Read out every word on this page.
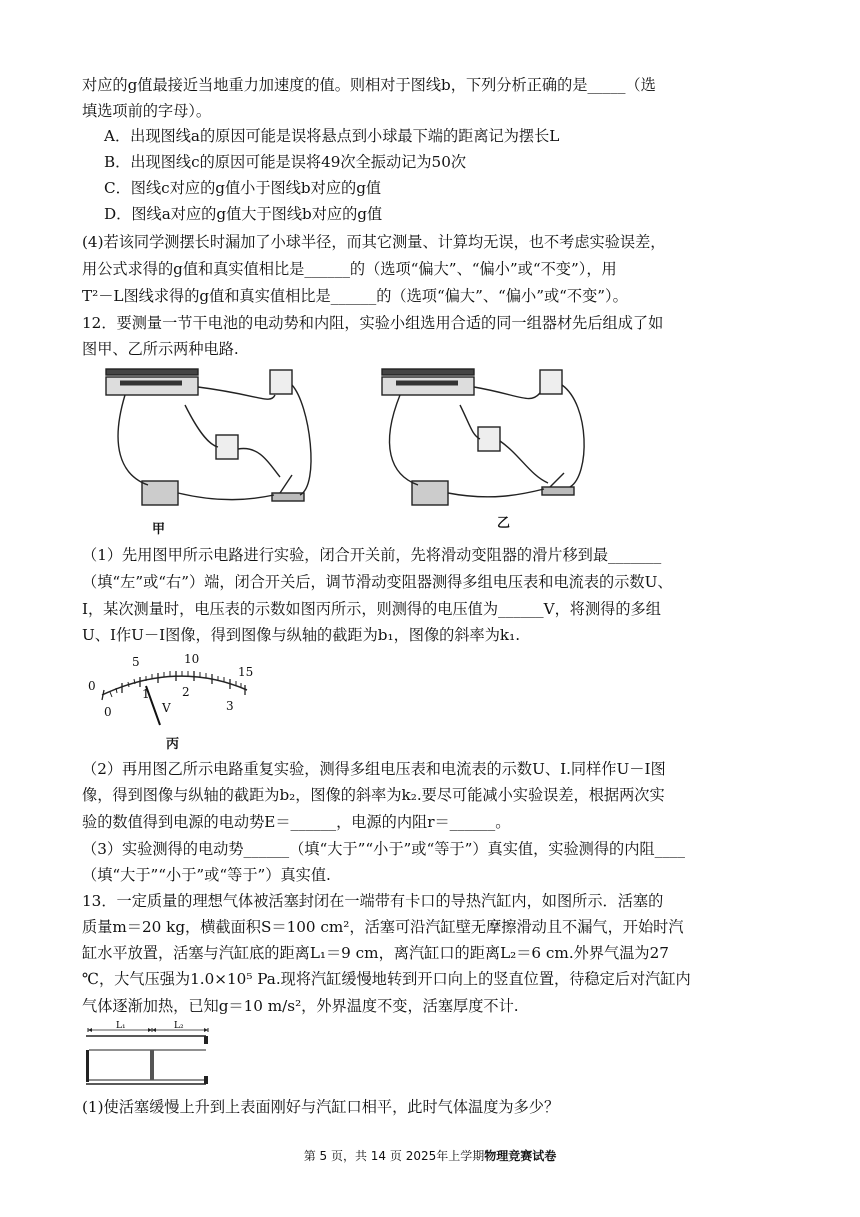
对应的g值最接近当地重力加速度的值。则相对于图线b，下列分析正确的是_____（选
填选项前的字母）。
A．出现图线a的原因可能是误将悬点到小球最下端的距离记为摆长L
B．出现图线c的原因可能是误将49次全振动记为50次
C．图线c对应的g值小于图线b对应的g值
D．图线a对应的g值大于图线b对应的g值
(4)若该同学测摆长时漏加了小球半径，而其它测量、计算均无误，也不考虑实验误差，
用公式求得的g值和真实值相比是______的（选项“偏大”、“偏小”或“不变”），用
T²－L图线求得的g值和真实值相比是______的（选项“偏大”、“偏小”或“不变”）。
12．要测量一节干电池的电动势和内阻，实验小组选用合适的同一组器材先后组成了如
图甲、乙所示两种电路.
甲	乙
（1）先用图甲所示电路进行实验，闭合开关前，先将滑动变阻器的滑片移到最_______
（填“左”或“右”）端，闭合开关后，调节滑动变阻器测得多组电压表和电流表的示数U、
I，某次测量时，电压表的示数如图丙所示，则测得的电压值为______V，将测得的多组
U、I作U－I图像，得到图像与纵轴的截距为b₁，图像的斜率为k₁.
0
5	10
15
0
1	2
3
V
丙
（2）再用图乙所示电路重复实验，测得多组电压表和电流表的示数U、I.同样作U－I图
像，得到图像与纵轴的截距为b₂，图像的斜率为k₂.要尽可能减小实验误差，根据两次实
验的数值得到电源的电动势E＝______，电源的内阻r＝______。
（3）实验测得的电动势______（填“大于”“小于”或“等于”）真实值，实验测得的内阻____
（填“大于”“小于”或“等于”）真实值.
13．一定质量的理想气体被活塞封闭在一端带有卡口的导热汽缸内，如图所示．活塞的
质量m＝20 kg，横截面积S＝100 cm²，活塞可沿汽缸壁无摩擦滑动且不漏气，开始时汽
缸水平放置，活塞与汽缸底的距离L₁＝9 cm，离汽缸口的距离L₂＝6 cm.外界气温为27
℃，大气压强为1.0×10⁵ Pa.现将汽缸缓慢地转到开口向上的竖直位置，待稳定后对汽缸内
气体逐渐加热，已知g＝10 m/s²，外界温度不变，活塞厚度不计.
L₁	L₂
(1)使活塞缓慢上升到上表面刚好与汽缸口相平，此时气体温度为多少？
第 5 页，共 14 页 2025年上学期物理竞赛试卷
